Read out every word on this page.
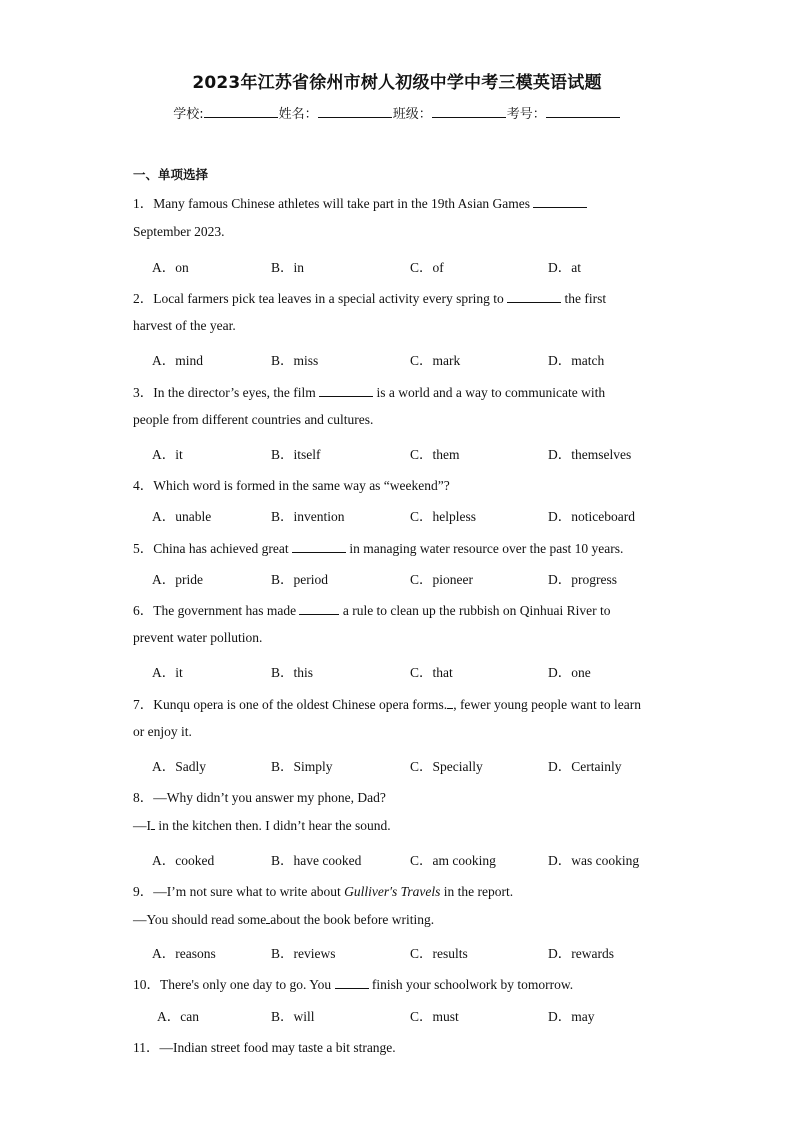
2023年江苏省徐州市树人初级中学中考三模英语试题
学校:	姓名：	班级：	考号：
一、单项选择
1．Many famous Chinese athletes will take part in the 19th Asian Games
September 2023.
A．on	B．in	C．of	D．at
2．Local farmers pick tea leaves in a special activity every spring to	the first
harvest of the year.
A．mind	B．miss	C．mark	D．match
3．In the director’s eyes, the film	is a world and a way to communicate with
people from different countries and cultures.
A．it	B．itself	C．them	D．themselves
4．Which word is formed in the same way as “weekend”?
A．unable	B．invention	C．helpless	D．noticeboard
5．China has achieved great	in managing water resource over the past 10 years.
A．pride	B．period	C．pioneer	D．progress
6．The government has made	a rule to clean up the rubbish on Qinhuai River to
prevent water pollution.
A．it	B．this	C．that	D．one
7．Kunqu opera is one of the oldest Chinese opera forms. , fewer young people want to learn
or enjoy it.
A．Sadly	B．Simply	C．Specially	D．Certainly
8．—Why didn’t you answer my phone, Dad?
—I in the kitchen then. I didn’t hear the sound.
A．cooked	B．have cooked	C．am cooking	D．was cooking
9．—I’m not sure what to write about Gulliver′s Travels in the report.
—You should read some about the book before writing.
A．reasons	B．reviews	C．results	D．rewards
10．There's only one day to go. You	finish your schoolwork by tomorrow.
A．can	B．will	C．must	D．may
11．—Indian street food may taste a bit strange.
